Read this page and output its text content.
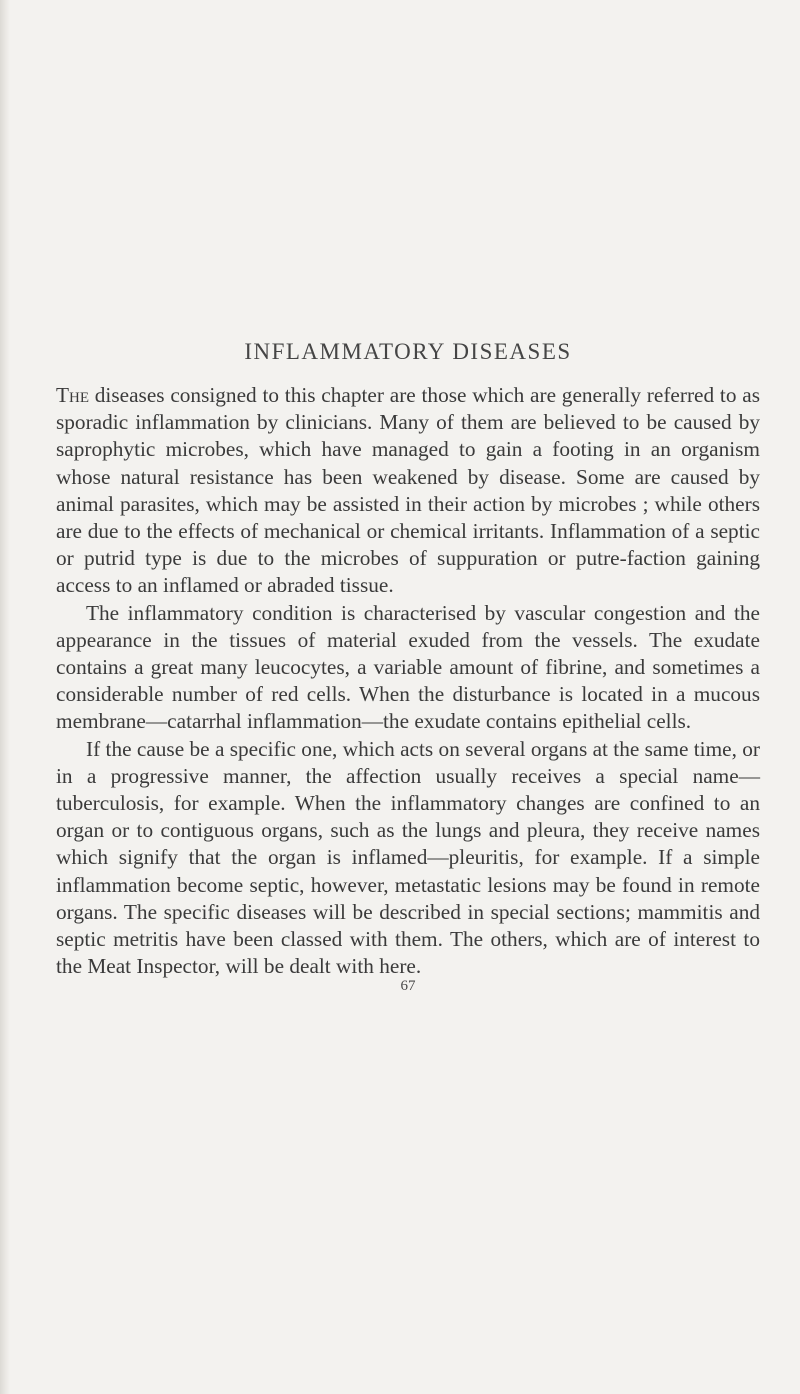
INFLAMMATORY DISEASES

The diseases consigned to this chapter are those which are generally referred to as sporadic inflammation by clinicians. Many of them are believed to be caused by saprophytic microbes, which have managed to gain a footing in an organism whose natural resistance has been weakened by disease. Some are caused by animal parasites, which may be assisted in their action by microbes ; while others are due to the effects of mechanical or chemical irritants. Inflammation of a septic or putrid type is due to the microbes of suppuration or putre-faction gaining access to an inflamed or abraded tissue.

The inflammatory condition is characterised by vascular congestion and the appearance in the tissues of material exuded from the vessels. The exudate contains a great many leucocytes, a variable amount of fibrine, and sometimes a considerable number of red cells. When the disturbance is located in a mucous membrane—catarrhal inflammation—the exudate contains epithelial cells.

If the cause be a specific one, which acts on several organs at the same time, or in a progressive manner, the affection usually receives a special name—tuberculosis, for example. When the inflammatory changes are confined to an organ or to contiguous organs, such as the lungs and pleura, they receive names which signify that the organ is inflamed—pleuritis, for example. If a simple inflammation become septic, however, metastatic lesions may be found in remote organs. The specific diseases will be described in special sections; mammitis and septic metritis have been classed with them. The others, which are of interest to the Meat Inspector, will be dealt with here.

67
